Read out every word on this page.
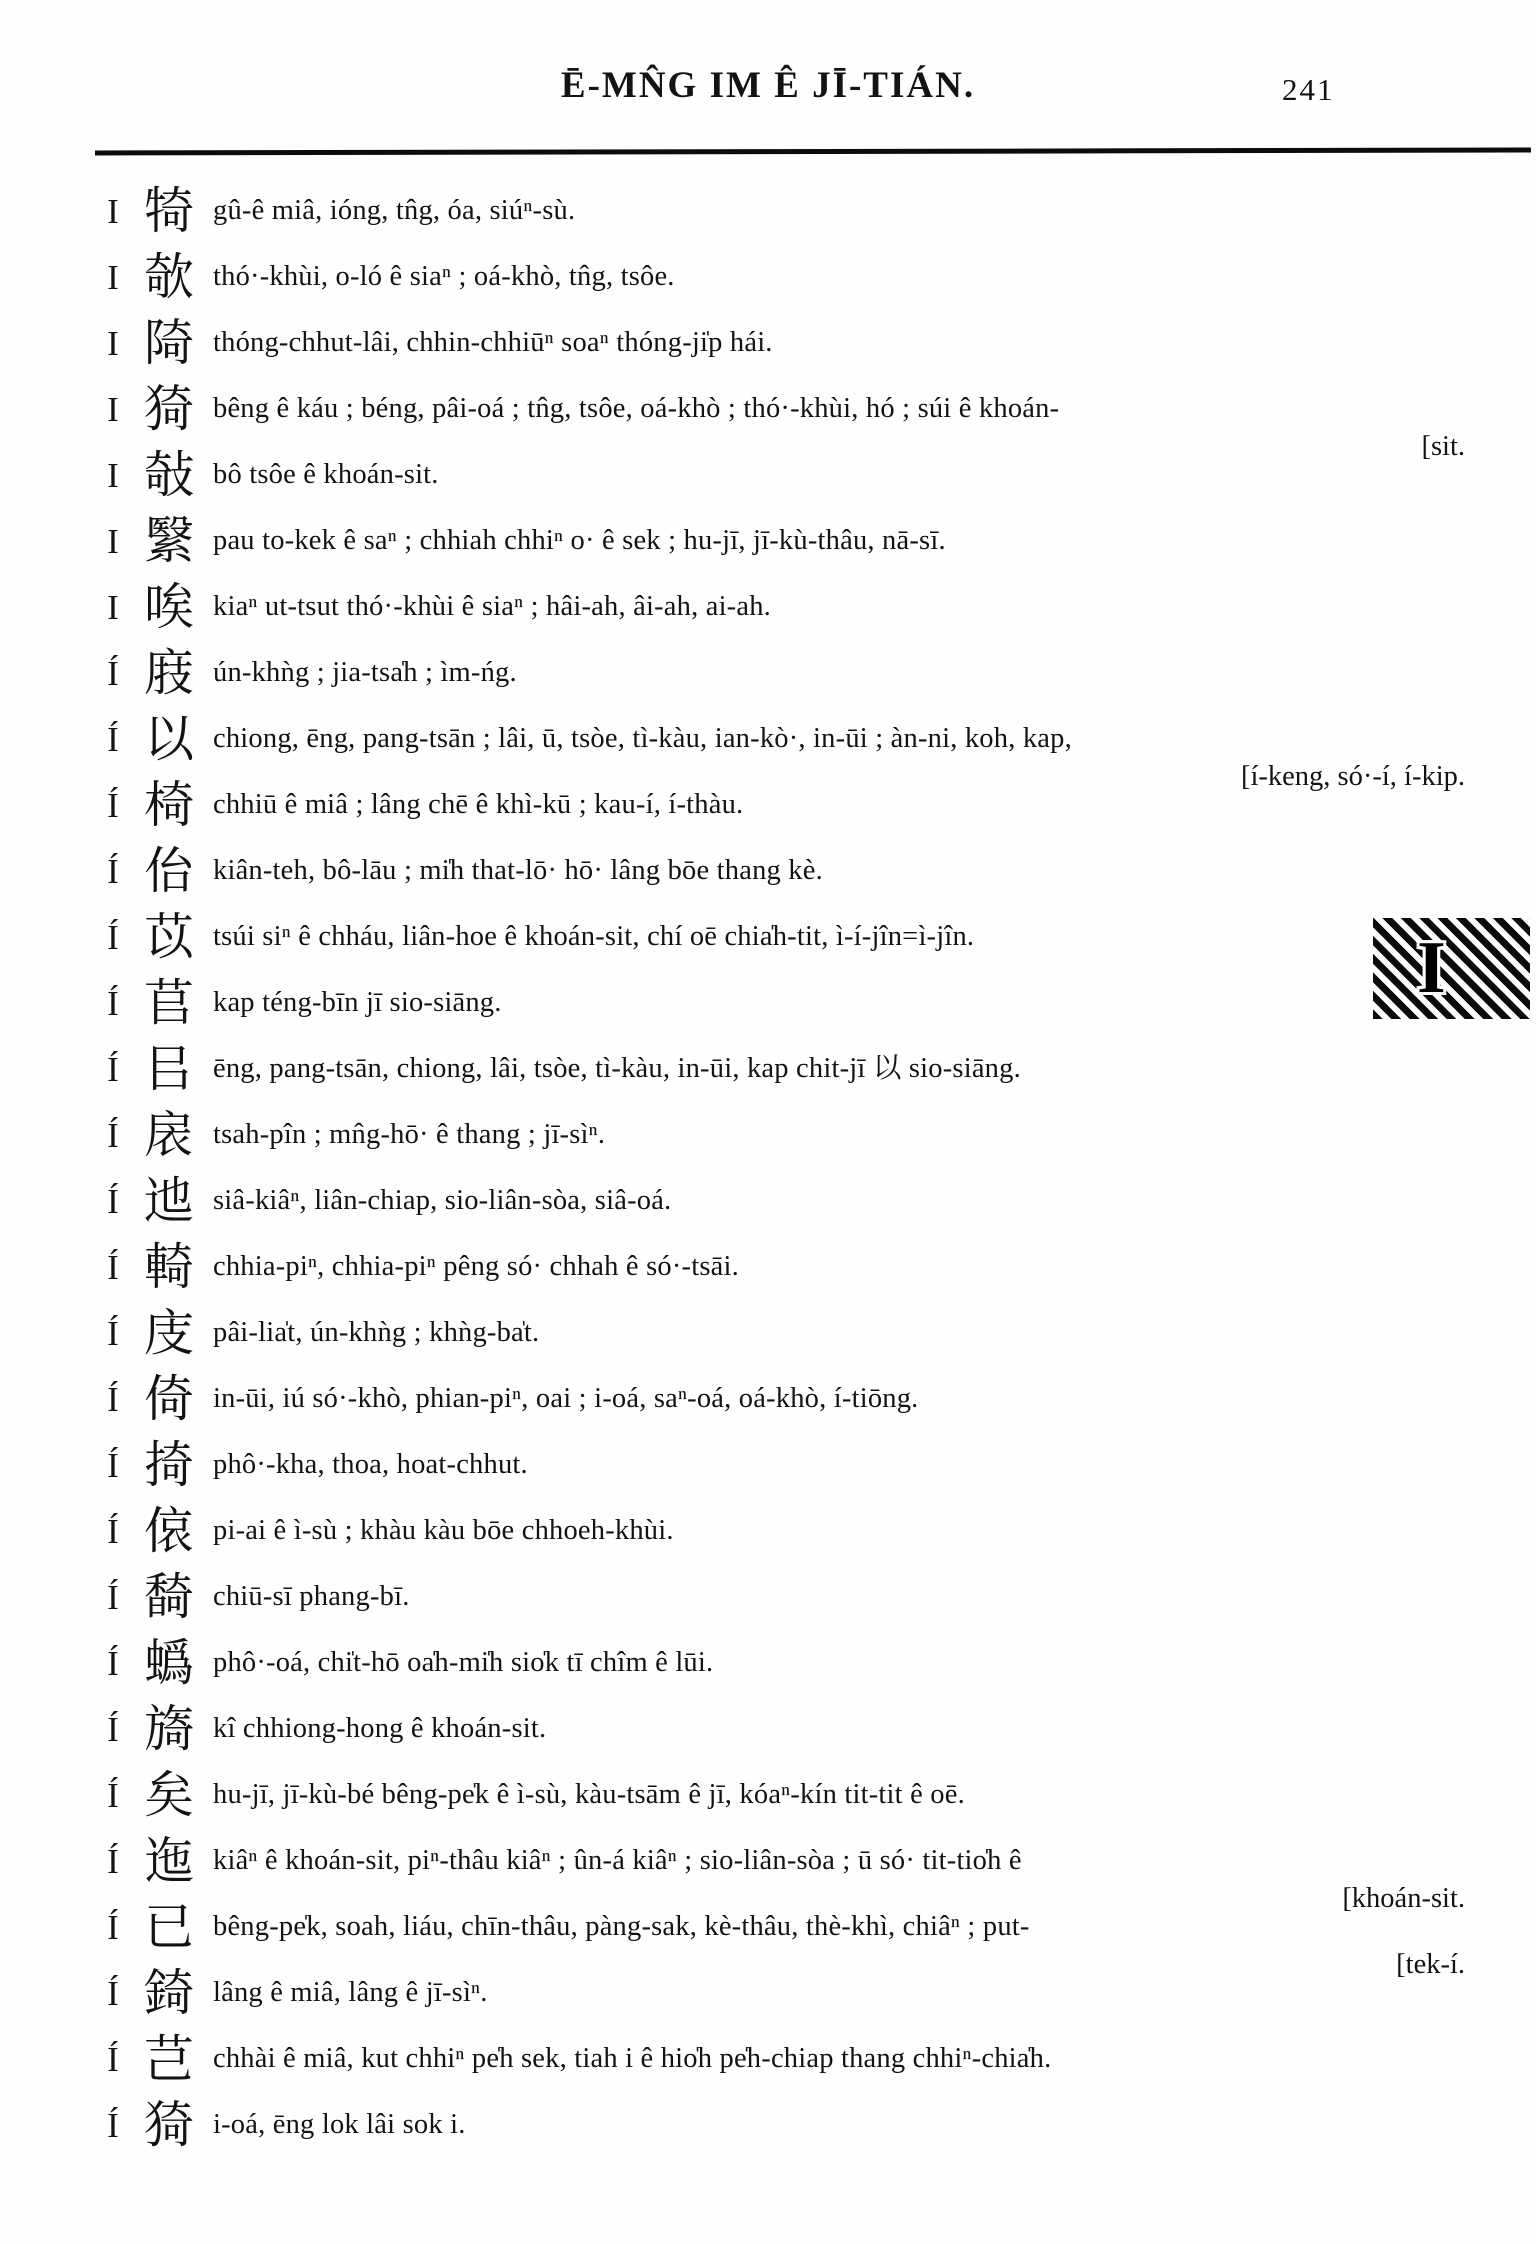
Ē-MN̂G IM Ê JĪ-TIÁN.	241
I 犄 gû-ê miâ, ióng, tn̂g, óa, siúⁿ-sù.
I 欹 thó·-khùi, o-ló ê siaⁿ ; oá-khò, tn̂g, tsôe.
I 陭 thóng-chhut-lâi, chhin-chhiūⁿ soaⁿ thóng-ji̍p hái.
I 猗 bêng ê káu ; béng, pâi-oá ; tn̂g, tsôe, oá-khò ; thó·-khùi, hó ; súi ê khoán-
[sit.
I 敧 bô tsôe ê khoán-sit.
I 繄 pau to-kek ê saⁿ ; chhiah chhiⁿ o· ê sek ; hu-jī, jī-kù-thâu, nā-sī.
I 唉 kiaⁿ ut-tsut thó·-khùi ê siaⁿ ; hâi-ah, âi-ah, ai-ah.
Í 庪 ún-khǹg ; jia-tsa̍h ; ìm-ńg.
Í 以 chiong, ēng, pang-tsān ; lâi, ū, tsòe, tì-kàu, ian-kò·, in-ūi ; àn-ni, koh, kap,
[í-keng, só·-í, í-kip.
Í 椅 chhiū ê miâ ; lâng chē ê khì-kū ; kau-í, í-thàu.
Í 佁 kiân-teh, bô-lāu ; mi̍h that-lō· hō· lâng bōe thang kè.
Í 苡 tsúi siⁿ ê chháu, liân-hoe ê khoán-sit, chí oē chia̍h-tit, ì-í-jîn=ì-jîn.
Í 苢 kap téng-bīn jī sio-siāng.
Í 㠯 ēng, pang-tsān, chiong, lâi, tsòe, tì-kàu, in-ūi, kap chit-jī 以 sio-siāng.
Í 扆 tsah-pîn ; mn̂g-hō· ê thang ; jī-sìⁿ.
Í 迆 siâ-kiâⁿ, liân-chiap, sio-liân-sòa, siâ-oá.
Í 輢 chhia-piⁿ, chhia-piⁿ pêng só· chhah ê só·-tsāi.
Í 庋 pâi-lia̍t, ún-khǹg ; khǹg-ba̍t.
Í 倚 in-ūi, iú só·-khò, phian-piⁿ, oai ; i-oá, saⁿ-oá, oá-khò, í-tiōng.
Í 掎 phô·-kha, thoa, hoat-chhut.
Í 偯 pi-ai ê ì-sù ; khàu kàu bōe chhoeh-khùi.
Í 䭲 chiū-sī phang-bī.
Í 蟡 phô·-oá, chi̍t-hō oa̍h-mi̍h sio̍k tī chîm ê lūi.
Í 旖 kî chhiong-hong ê khoán-sit.
Í 矣 hu-jī, jī-kù-bé bêng-pe̍k ê ì-sù, kàu-tsām ê jī, kóaⁿ-kín tit-tit ê oē.
Í 迤 kiâⁿ ê khoán-sit, piⁿ-thâu kiâⁿ ; ûn-á kiâⁿ ; sio-liân-sòa ; ū só· tit-tio̍h ê
[khoán-sit.
Í 已 bêng-pe̍k, soah, liáu, chīn-thâu, pàng-sak, kè-thâu, thè-khì, chiâⁿ ; put-
[tek-í.
Í 錡 lâng ê miâ, lâng ê jī-sìⁿ.
Í 芑 chhài ê miâ, kut chhiⁿ pe̍h sek, tiah i ê hio̍h pe̍h-chiap thang chhiⁿ-chia̍h.
Í 猗 i-oá, ēng lok lâi sok i.
I
